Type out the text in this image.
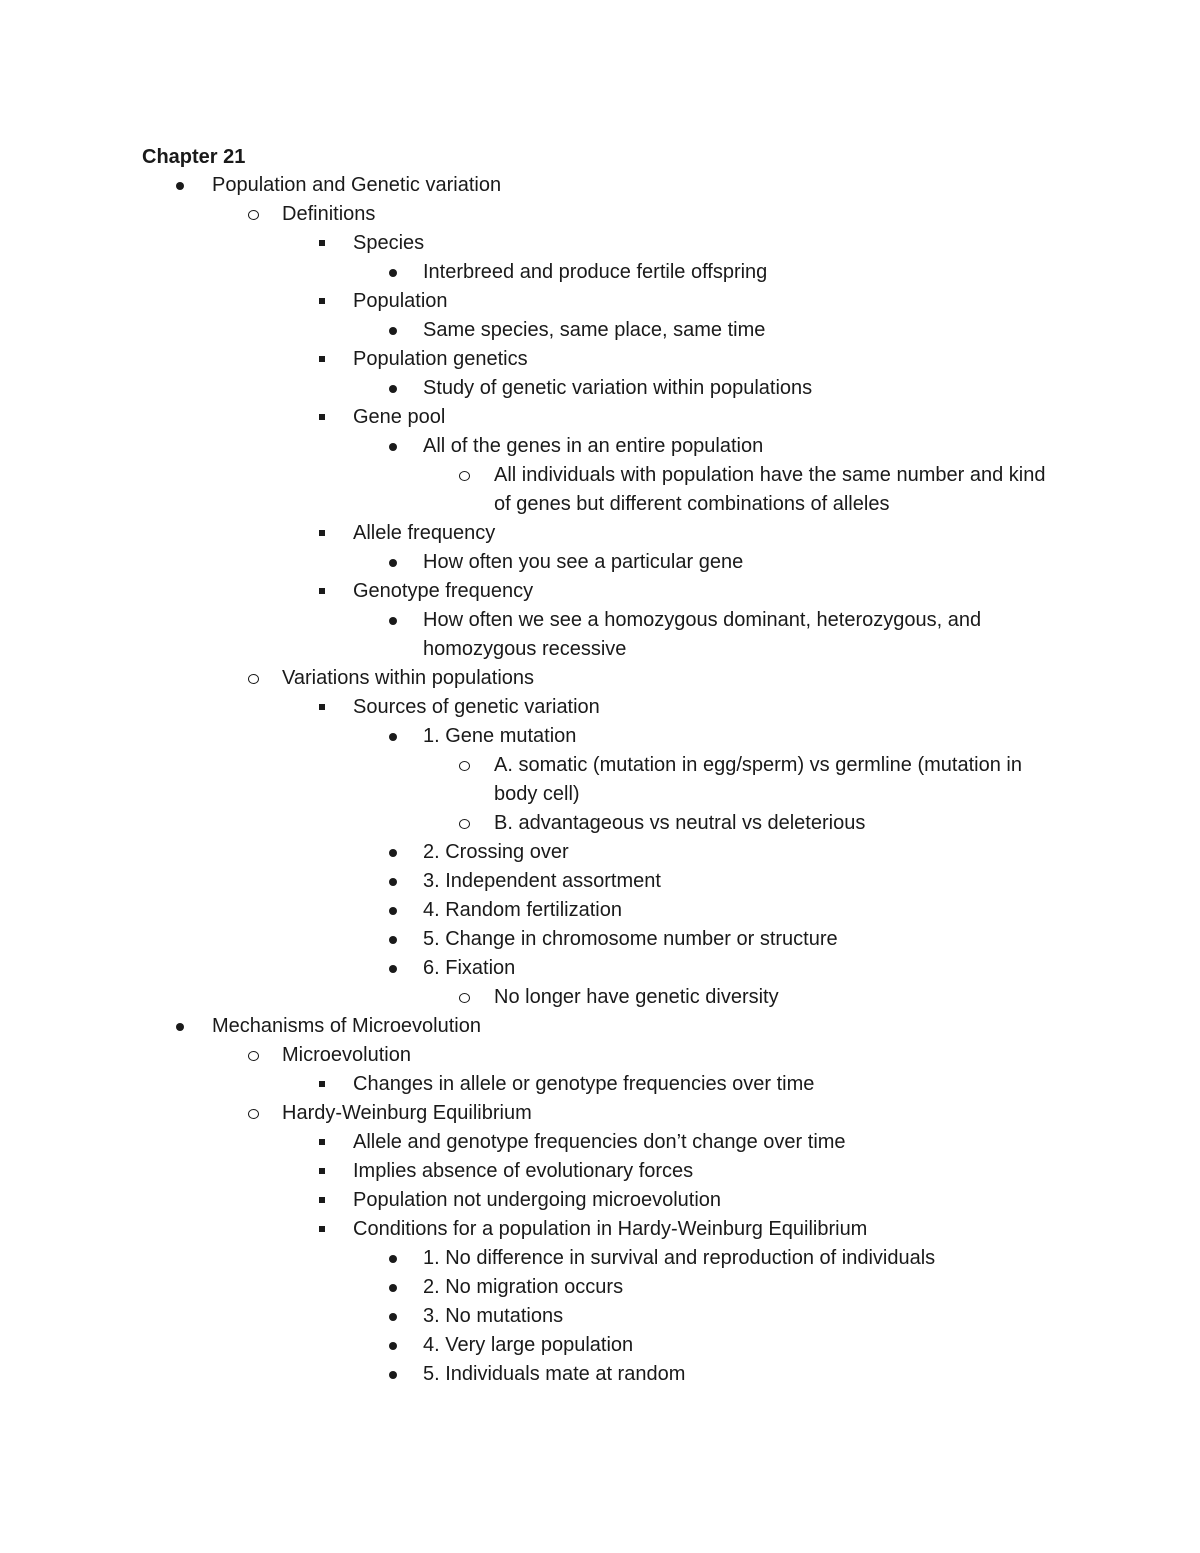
Chapter 21
Population and Genetic variation
Definitions
Species
Interbreed and produce fertile offspring
Population
Same species, same place, same time
Population genetics
Study of genetic variation within populations
Gene pool
All of the genes in an entire population
All individuals with population have the same number and kind of genes but different combinations of alleles
Allele frequency
How often you see a particular gene
Genotype frequency
How often we see a homozygous dominant, heterozygous, and homozygous recessive
Variations within populations
Sources of genetic variation
1. Gene mutation
A. somatic (mutation in egg/sperm) vs germline (mutation in body cell)
B. advantageous vs neutral vs deleterious
2. Crossing over
3. Independent assortment
4. Random fertilization
5. Change in chromosome number or structure
6. Fixation
No longer have genetic diversity
Mechanisms of Microevolution
Microevolution
Changes in allele or genotype frequencies over time
Hardy-Weinburg Equilibrium
Allele and genotype frequencies don’t change over time
Implies absence of evolutionary forces
Population not undergoing microevolution
Conditions for a population in Hardy-Weinburg Equilibrium
1. No difference in survival and reproduction of individuals
2. No migration occurs
3. No mutations
4. Very large population
5. Individuals mate at random
